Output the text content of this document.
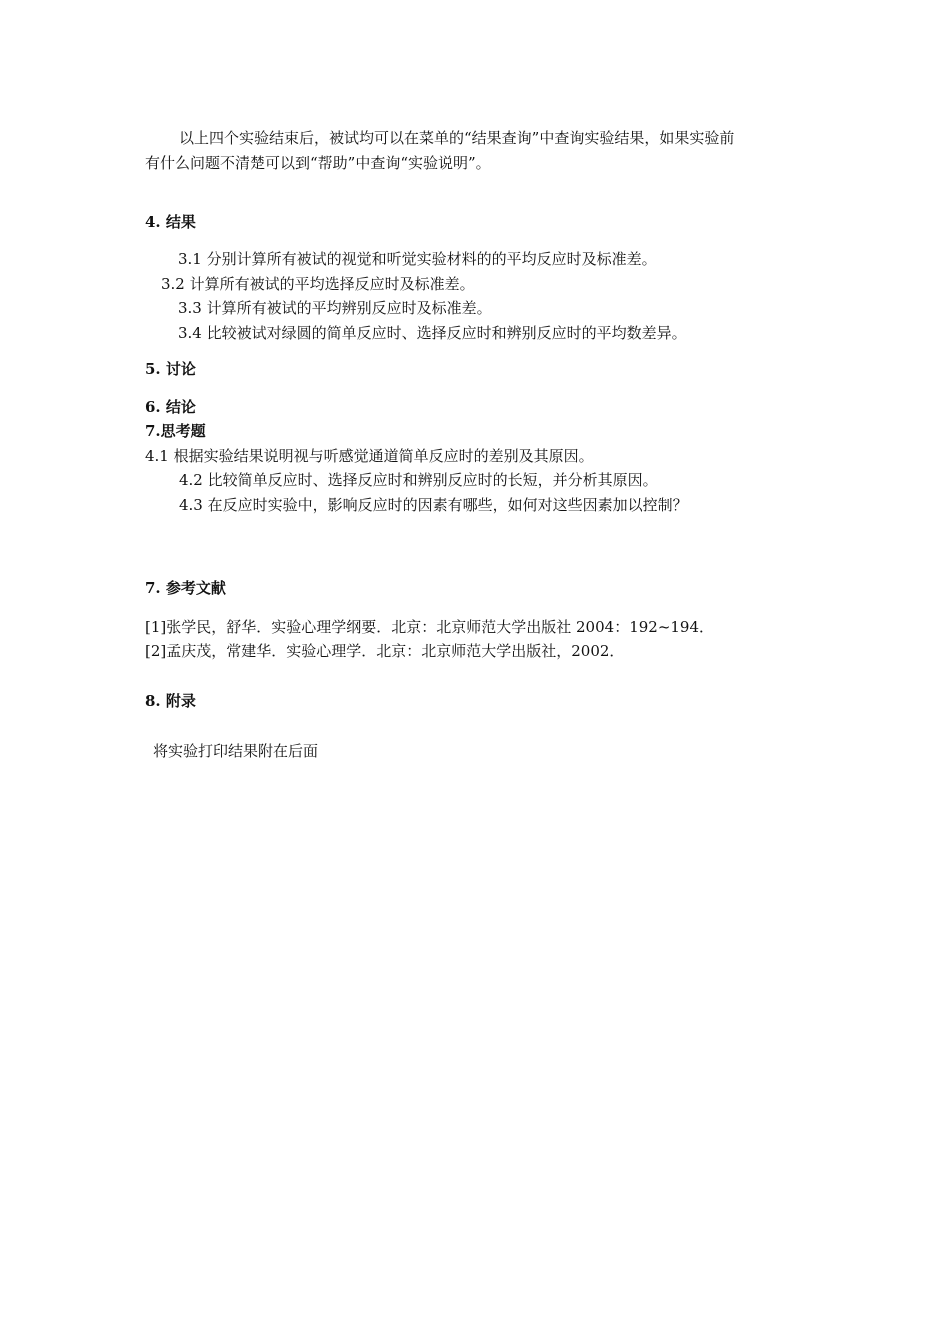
以上四个实验结束后，被试均可以在菜单的“结果查询”中查询实验结果，如果实验前

有什么问题不清楚可以到“帮助”中查询“实验说明”。

4. 结果

3.1 分别计算所有被试的视觉和听觉实验材料的的平均反应时及标准差。

3.2 计算所有被试的平均选择反应时及标准差。

3.3 计算所有被试的平均辨别反应时及标准差。

3.4 比较被试对绿圆的简单反应时、选择反应时和辨别反应时的平均数差异。

5. 讨论

6. 结论

7.思考题

4.1 根据实验结果说明视与听感觉通道简单反应时的差别及其原因。

4.2 比较简单反应时、选择反应时和辨别反应时的长短，并分析其原因。

4.3 在反应时实验中，影响反应时的因素有哪些，如何对这些因素加以控制？

7. 参考文献

[1]张学民，舒华．实验心理学纲要．北京：北京师范大学出版社 2004：192~194．

[2]孟庆茂，常建华．实验心理学．北京：北京师范大学出版社，2002．

8. 附录

将实验打印结果附在后面
